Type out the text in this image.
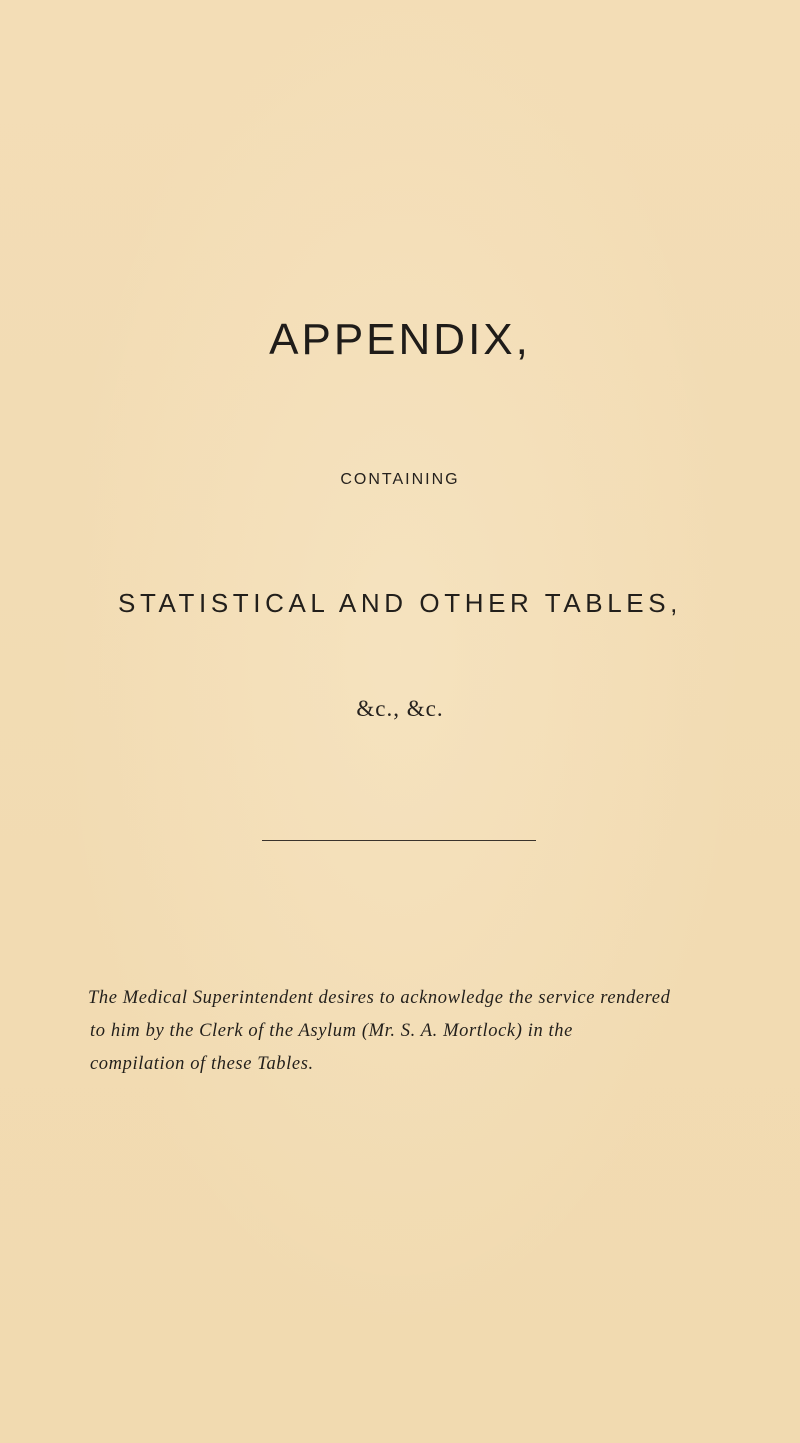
APPENDIX,
CONTAINING
STATISTICAL AND OTHER TABLES,
&c., &c.
The Medical Superintendent desires to acknowledge the service rendered
to him by the Clerk of the Asylum (Mr. S. A. Mortlock) in the
compilation of these Tables.
